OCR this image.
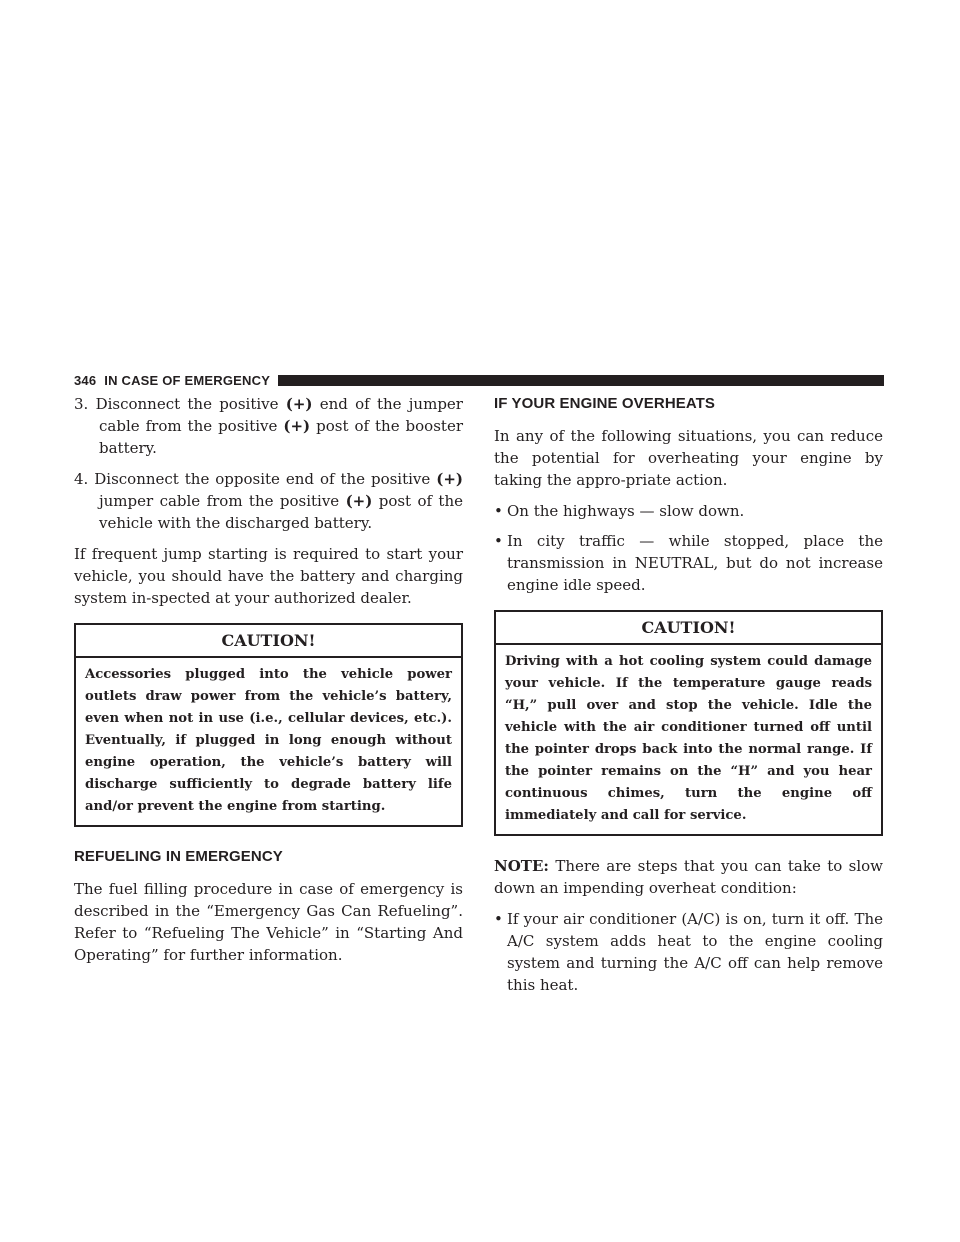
346 IN CASE OF EMERGENCY
3. Disconnect the positive (+) end of the jumper cable from the positive (+) post of the booster battery.
4. Disconnect the opposite end of the positive (+) jumper cable from the positive (+) post of the vehicle with the discharged battery.

If frequent jump starting is required to start your vehicle, you should have the battery and charging system in-spected at your authorized dealer.

CAUTION!
Accessories plugged into the vehicle power outlets draw power from the vehicle’s battery, even when not in use (i.e., cellular devices, etc.). Eventually, if plugged in long enough without engine operation, the vehicle’s battery will discharge sufficiently to degrade battery life and/or prevent the engine from starting.
REFUELING IN EMERGENCY

The fuel filling procedure in case of emergency is described in the “Emergency Gas Can Refueling”. Refer to “Refueling The Vehicle” in “Starting And Operating” for further information.

IF YOUR ENGINE OVERHEATS

In any of the following situations, you can reduce the potential for overheating your engine by taking the appro-priate action.

• On the highways — slow down.
• In city traffic — while stopped, place the transmission in NEUTRAL, but do not increase engine idle speed.
CAUTION!
Driving with a hot cooling system could damage your vehicle. If the temperature gauge reads “H,” pull over and stop the vehicle. Idle the vehicle with the air conditioner turned off until the pointer drops back into the normal range. If the pointer remains on the “H” and you hear continuous chimes, turn the engine off immediately and call for service.

NOTE: There are steps that you can take to slow down an impending overheat condition:

• If your air conditioner (A/C) is on, turn it off. The A/C system adds heat to the engine cooling system and turning the A/C off can help remove this heat.
